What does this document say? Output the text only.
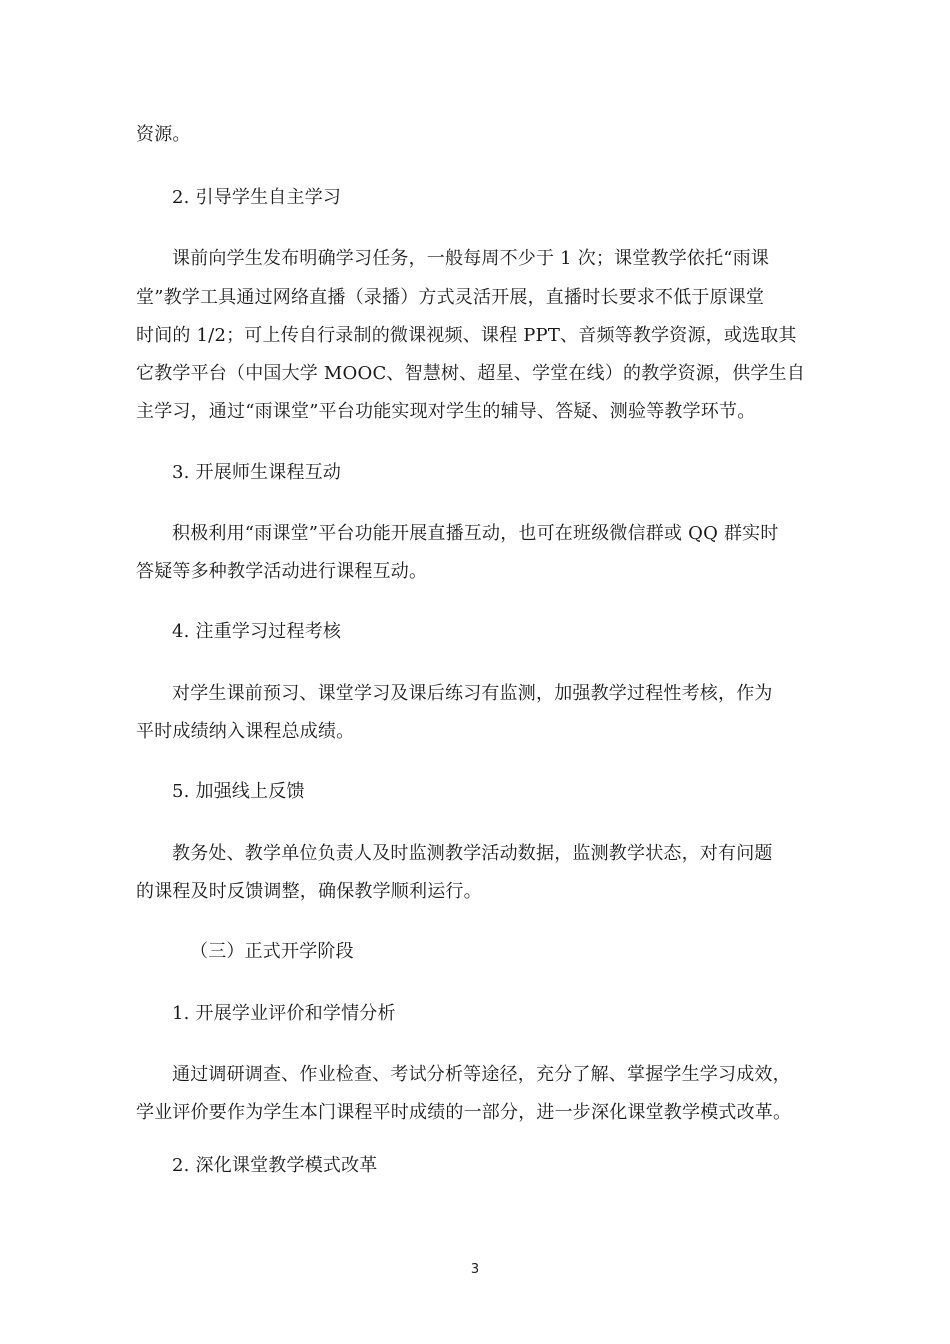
资源。
2. 引导学生自主学习
课前向学生发布明确学习任务，一般每周不少于 1 次；课堂教学依托“雨课
堂”教学工具通过网络直播（录播）方式灵活开展，直播时长要求不低于原课堂
时间的 1/2；可上传自行录制的微课视频、课程 PPT、音频等教学资源，或选取其
它教学平台（中国大学 MOOC、智慧树、超星、学堂在线）的教学资源，供学生自
主学习，通过“雨课堂”平台功能实现对学生的辅导、答疑、测验等教学环节。
3. 开展师生课程互动
积极利用“雨课堂”平台功能开展直播互动，也可在班级微信群或 QQ 群实时
答疑等多种教学活动进行课程互动。
4. 注重学习过程考核
对学生课前预习、课堂学习及课后练习有监测，加强教学过程性考核，作为
平时成绩纳入课程总成绩。
5. 加强线上反馈
教务处、教学单位负责人及时监测教学活动数据，监测教学状态，对有问题
的课程及时反馈调整，确保教学顺利运行。
（三）正式开学阶段
1. 开展学业评价和学情分析
通过调研调查、作业检查、考试分析等途径，充分了解、掌握学生学习成效，
学业评价要作为学生本门课程平时成绩的一部分，进一步深化课堂教学模式改革。
2. 深化课堂教学模式改革
3
